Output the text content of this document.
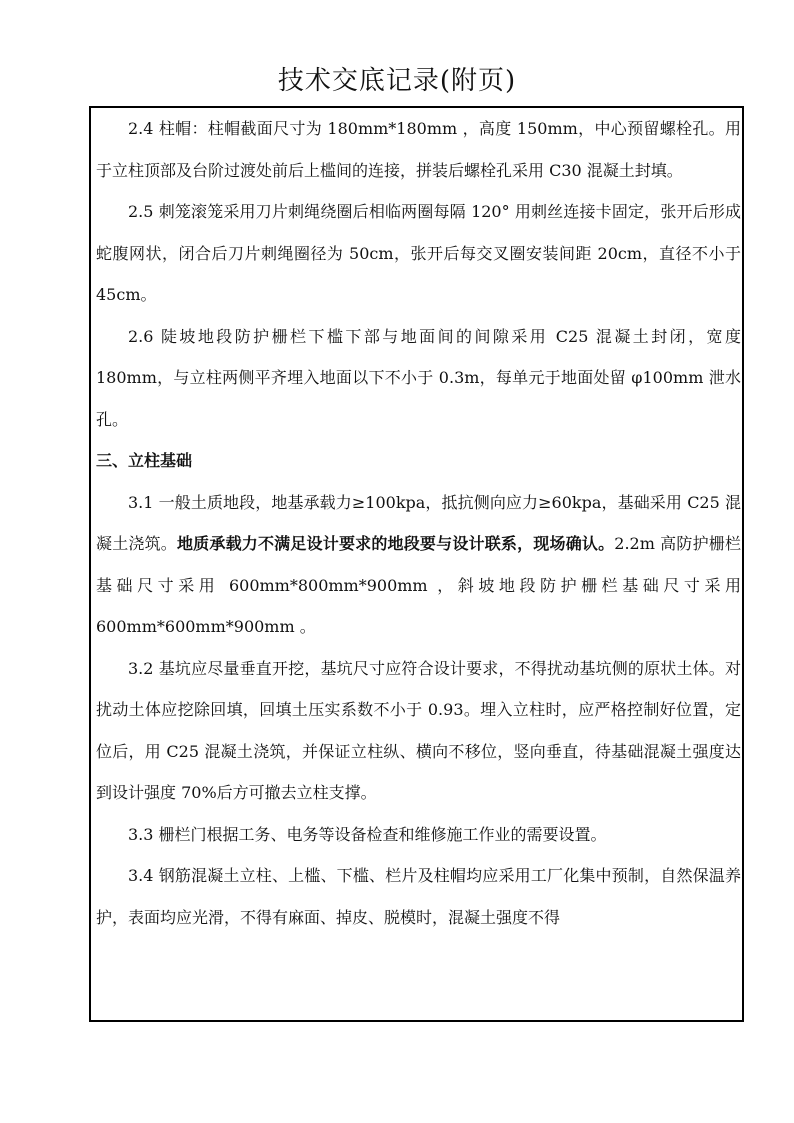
技术交底记录(附页)

2.4 柱帽：柱帽截面尺寸为 180mm*180mm ，高度 150mm，中心预留螺栓孔。用于立柱顶部及台阶过渡处前后上槛间的连接，拼装后螺栓孔采用 C30 混凝土封填。

2.5 刺笼滚笼采用刀片刺绳绕圈后相临两圈每隔 120° 用刺丝连接卡固定，张开后形成蛇腹网状，闭合后刀片刺绳圈径为 50cm，张开后每交叉圈安装间距 20cm，直径不小于 45cm。

2.6 陡坡地段防护栅栏下槛下部与地面间的间隙采用 C25 混凝土封闭，宽度 180mm，与立柱两侧平齐埋入地面以下不小于 0.3m，每单元于地面处留 φ100mm 泄水孔。

三、立柱基础

3.1 一般土质地段，地基承载力≥100kpa，抵抗侧向应力≥60kpa，基础采用 C25 混凝土浇筑。地质承载力不满足设计要求的地段要与设计联系，现场确认。2.2m 高防护栅栏基础尺寸采用 600mm*800mm*900mm ，斜坡地段防护栅栏基础尺寸采用 600mm*600mm*900mm 。

3.2 基坑应尽量垂直开挖，基坑尺寸应符合设计要求，不得扰动基坑侧的原状土体。对扰动土体应挖除回填，回填土压实系数不小于 0.93。埋入立柱时，应严格控制好位置，定位后，用 C25 混凝土浇筑，并保证立柱纵、横向不移位，竖向垂直，待基础混凝土强度达到设计强度 70%后方可撤去立柱支撑。

3.3 栅栏门根据工务、电务等设备检查和维修施工作业的需要设置。

3.4 钢筋混凝土立柱、上槛、下槛、栏片及柱帽均应采用工厂化集中预制，自然保温养护，表面均应光滑，不得有麻面、掉皮、脱模时，混凝土强度不得
